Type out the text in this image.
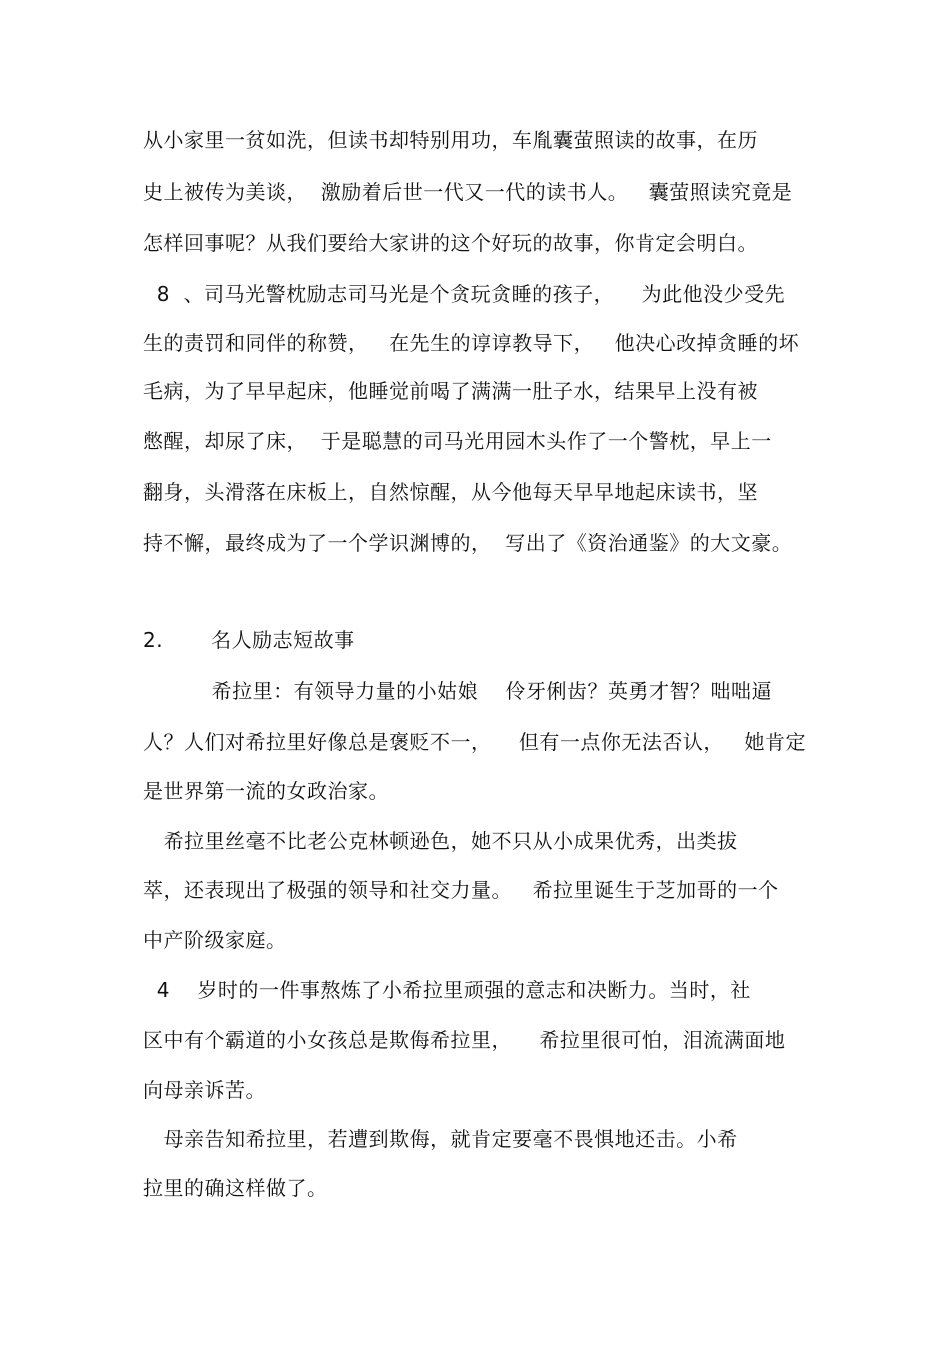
从小家里一贫如洗，但读书却特别用功，车胤囊萤照读的故事，在历
史上被传为美谈，  激励着后世一代又一代的读书人。   囊萤照读究竟是
怎样回事呢？从我们要给大家讲的这个好玩的故事，你肯定会明白。
8  、司马光警枕励志司马光是个贪玩贪睡的孩子，    为此他没少受先
生的责罚和同伴的称赞，   在先生的谆谆教导下，   他决心改掉贪睡的坏
毛病，为了早早起床，他睡觉前喝了满满一肚子水，结果早上没有被
憋醒，却尿了床，  于是聪慧的司马光用园木头作了一个警枕，早上一
翻身，头滑落在床板上，自然惊醒，从今他每天早早地起床读书，坚
持不懈，最终成为了一个学识渊博的，  写出了《资治通鉴》的大文豪。
2.       名人励志短故事
希拉里：有领导力量的小姑娘    伶牙俐齿？英勇才智？咄咄逼
人？人们对希拉里好像总是褒贬不一，    但有一点你无法否认，   她肯定
是世界第一流的女政治家。
希拉里丝毫不比老公克林顿逊色，她不只从小成果优秀，出类拔
萃，还表现出了极强的领导和社交力量。   希拉里诞生于芝加哥的一个
中产阶级家庭。
4    岁时的一件事熬炼了小希拉里顽强的意志和决断力。当时，社
区中有个霸道的小女孩总是欺侮希拉里，    希拉里很可怕，泪流满面地
向母亲诉苦。
母亲告知希拉里，若遭到欺侮，就肯定要毫不畏惧地还击。小希
拉里的确这样做了。
